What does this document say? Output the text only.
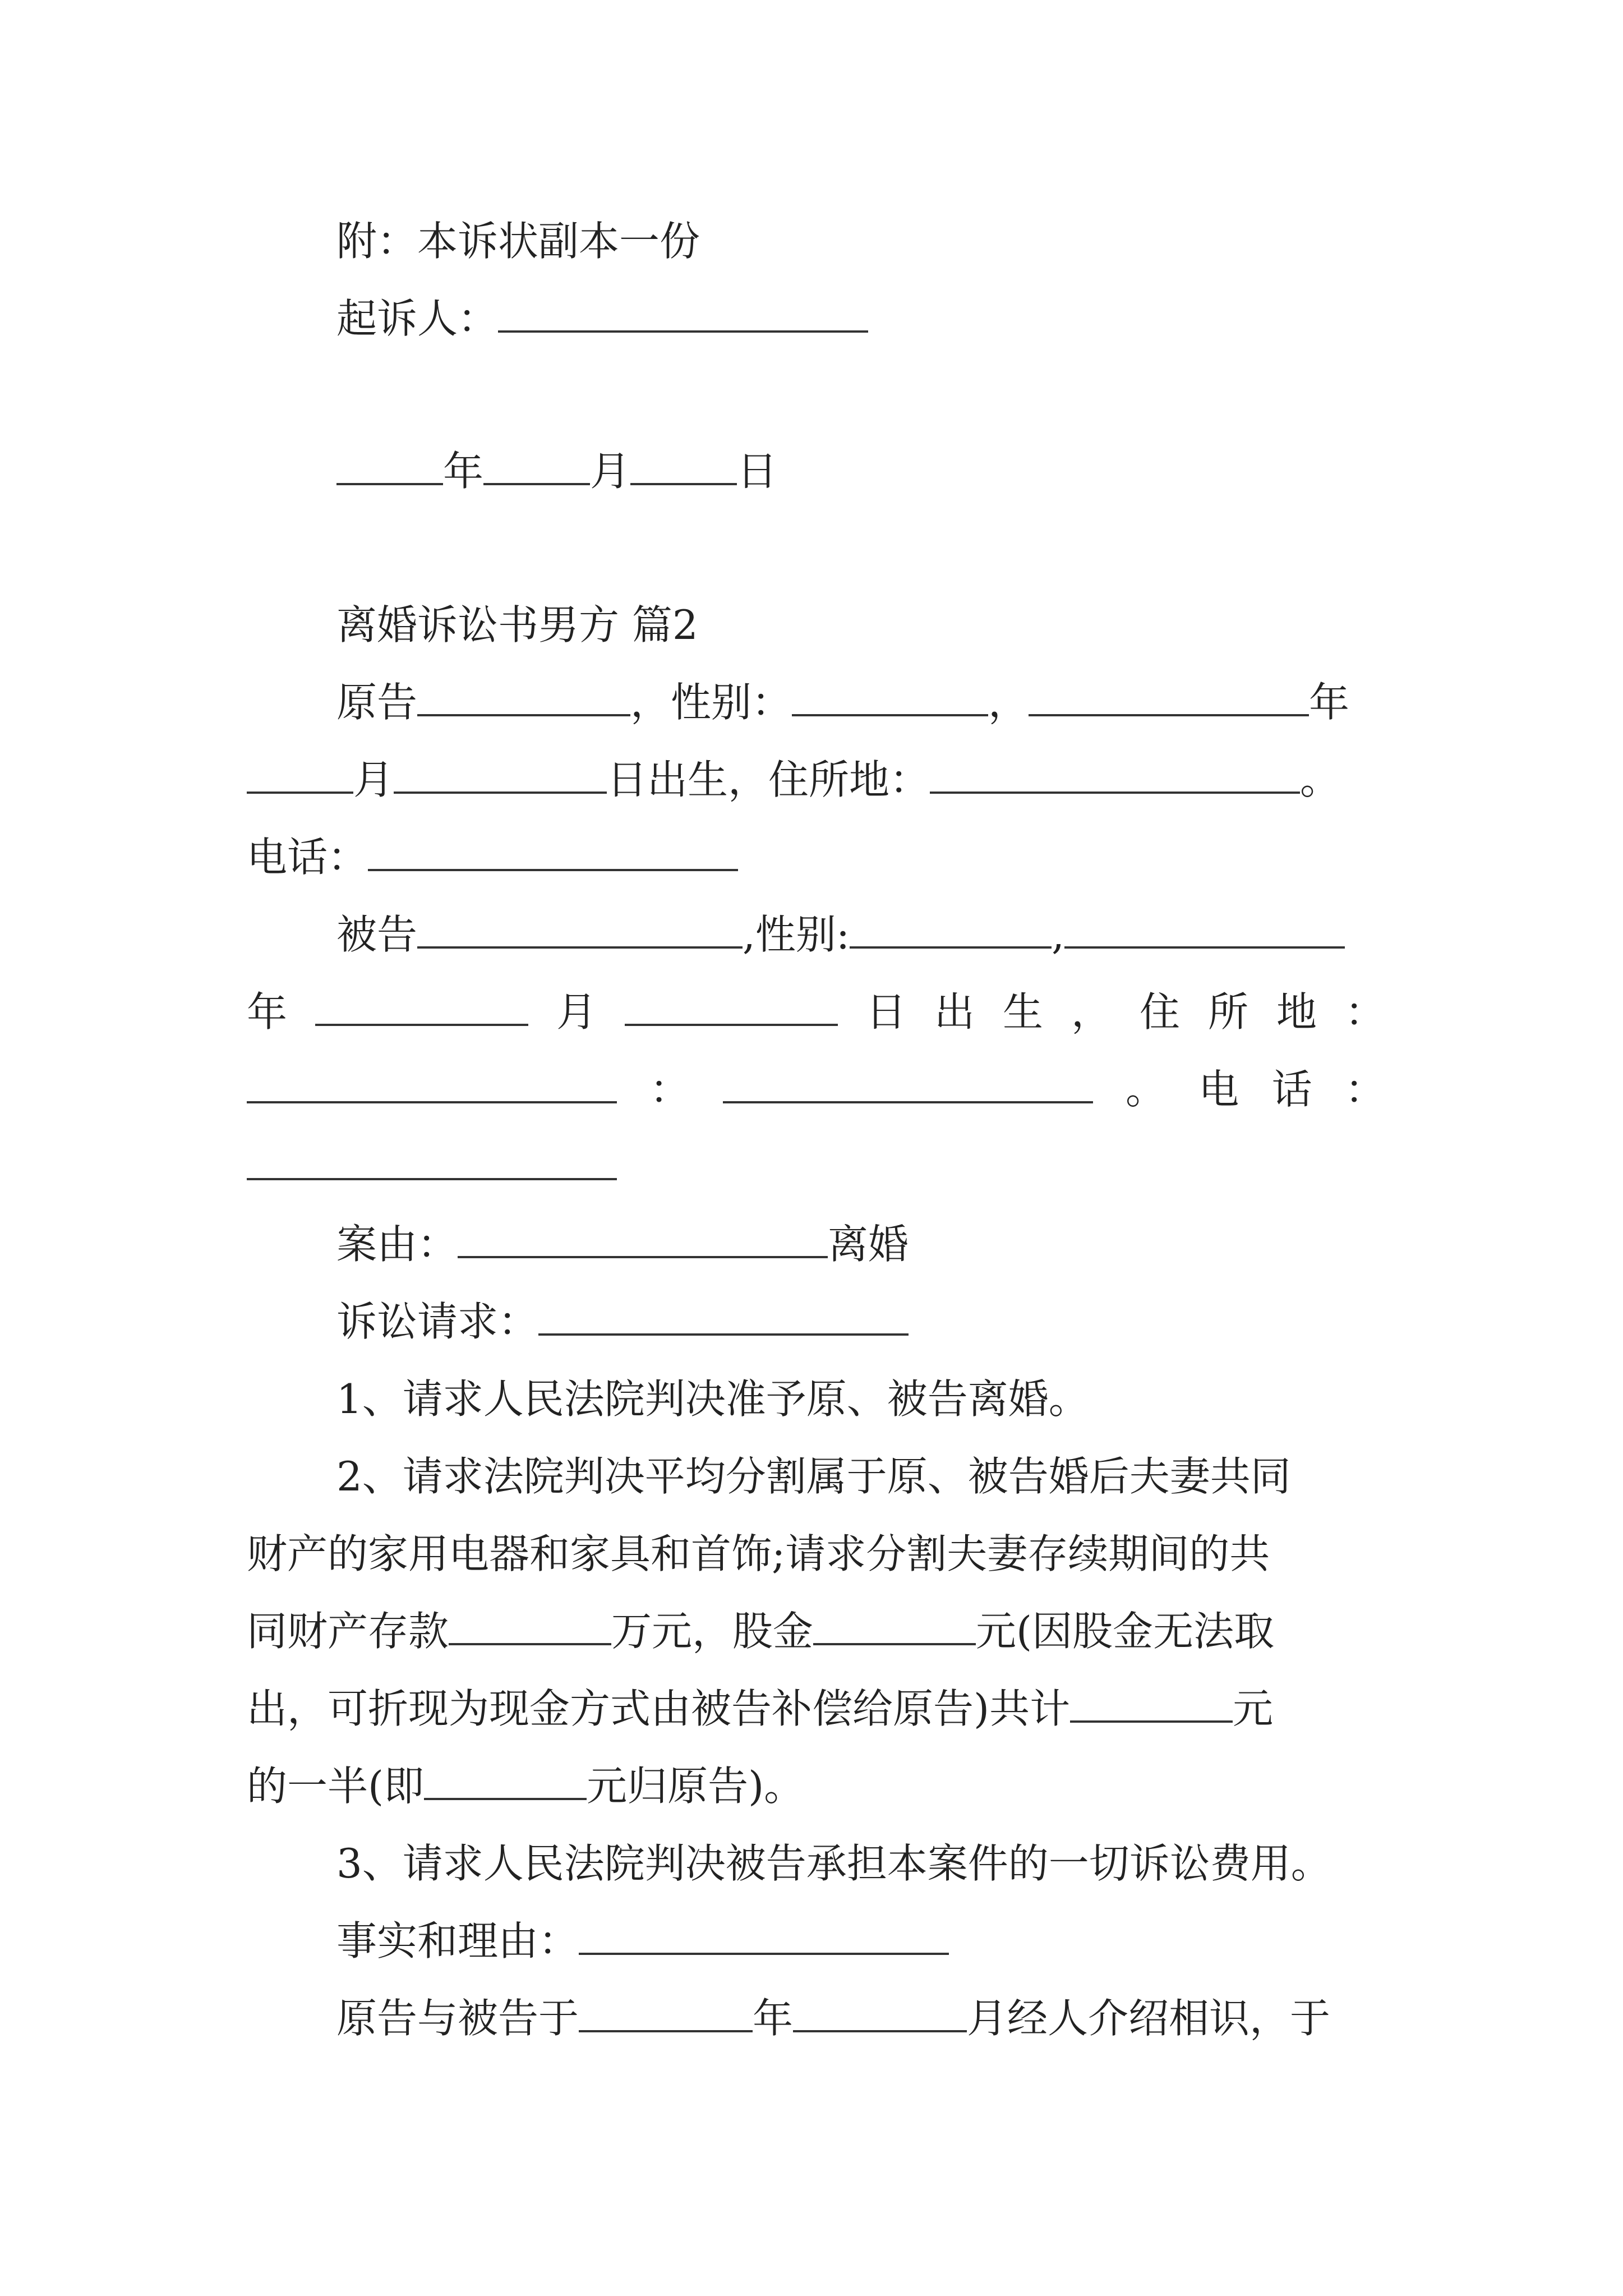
附：本诉状副本一份
起诉人：
年	月	日
离婚诉讼书男方 篇2
原告	，性别：	，	年
月	日出生，住所地：	。
电话：
被告	,性别:	,
年	月	日 出 生 ， 住 所 地 ：
：	。 电 话 ：
案由：	离婚
诉讼请求：
1、请求人民法院判决准予原、被告离婚。
2、请求法院判决平均分割属于原、被告婚后夫妻共同
财产的家用电器和家具和首饰;请求分割夫妻存续期间的共
同财产存款	万元，股金	元(因股金无法取
出，可折现为现金方式由被告补偿给原告)共计	元
的一半(即	元归原告)。
3、请求人民法院判决被告承担本案件的一切诉讼费用。
事实和理由：
原告与被告于	年	月经人介绍相识，于
